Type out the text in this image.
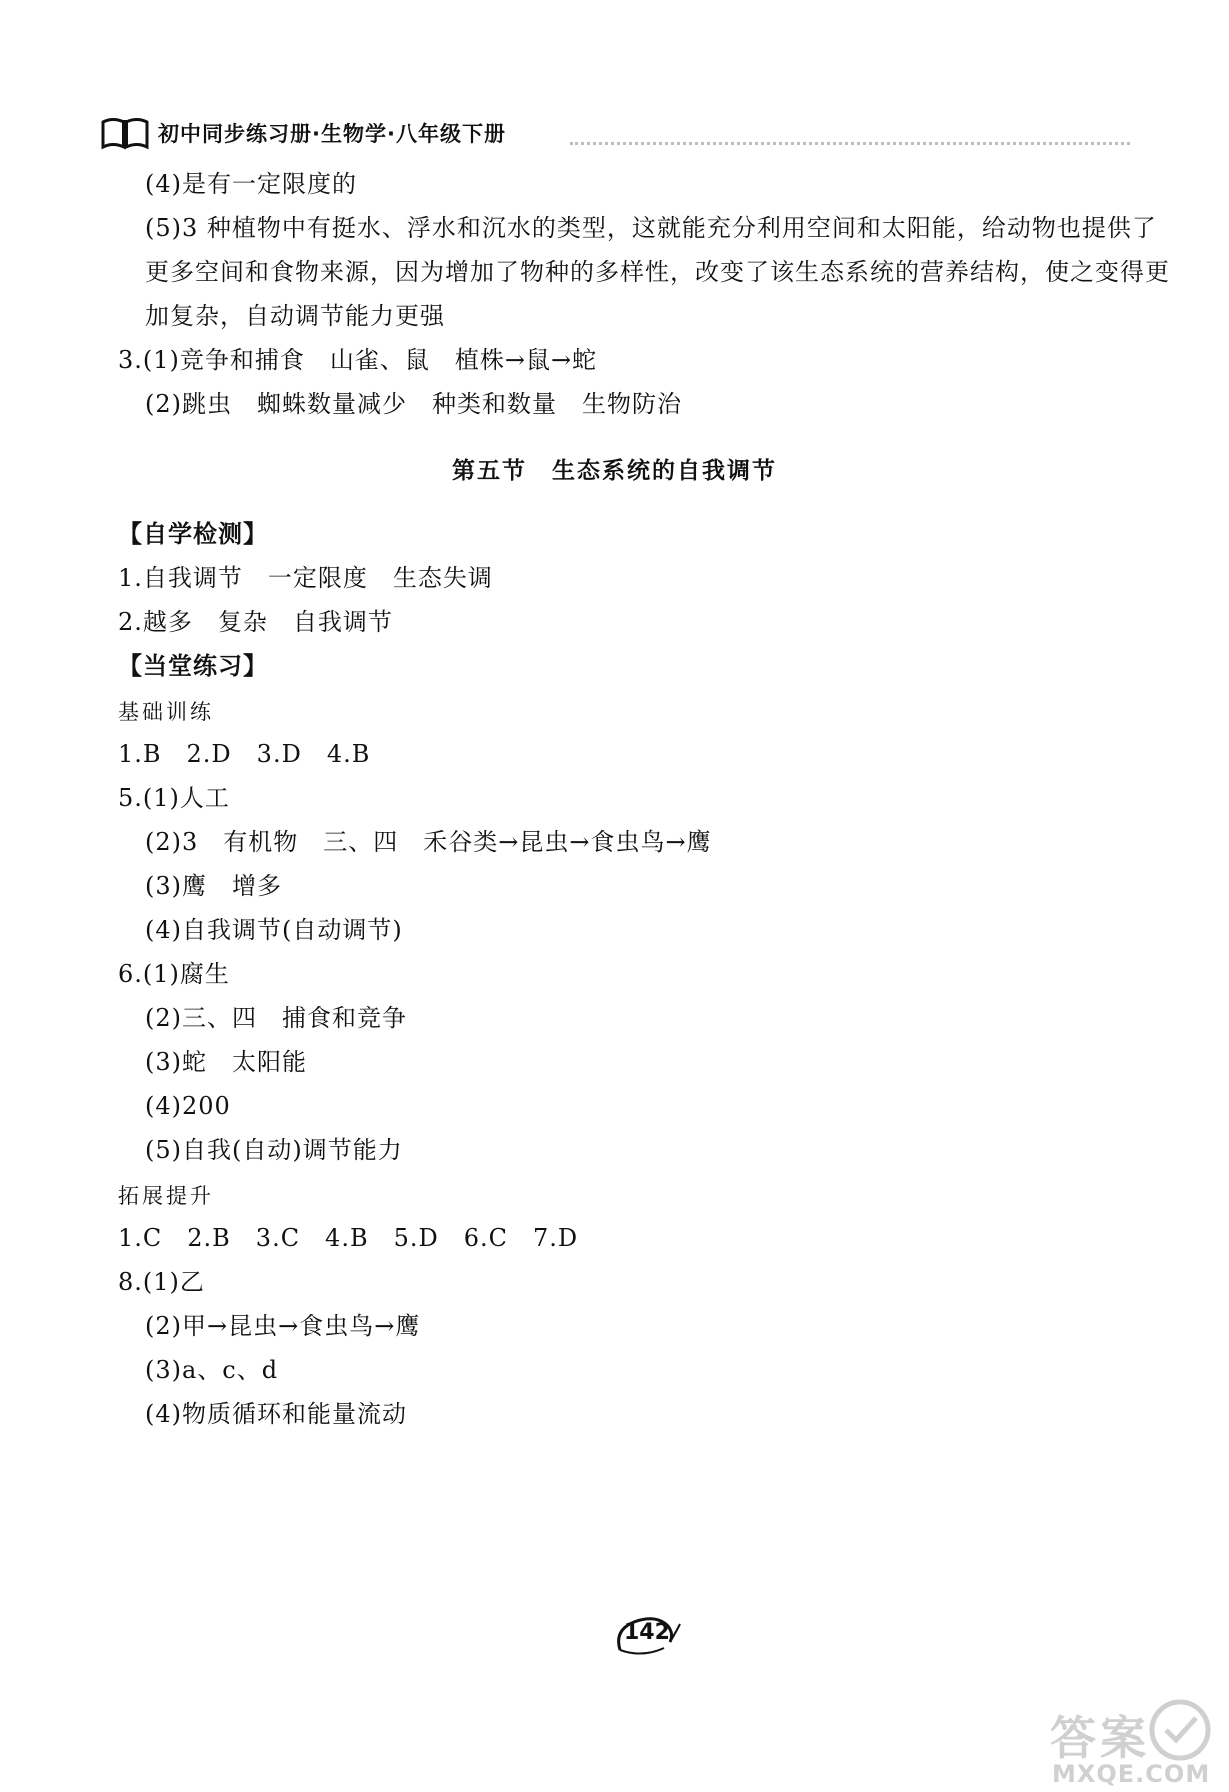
初中同步练习册·生物学·八年级下册
(4)是有一定限度的
(5)3 种植物中有挺水、浮水和沉水的类型，这就能充分利用空间和太阳能，给动物也提供了
更多空间和食物来源，因为增加了物种的多样性，改变了该生态系统的营养结构，使之变得更
加复杂，自动调节能力更强
3.(1)竞争和捕食　山雀、鼠　植株→鼠→蛇
(2)跳虫　蜘蛛数量减少　种类和数量　生物防治
第五节　生态系统的自我调节
【自学检测】
1.自我调节　一定限度　生态失调
2.越多　复杂　自我调节
【当堂练习】
基础训练
1.B　2.D　3.D　4.B
5.(1)人工
(2)3　有机物　三、四　禾谷类→昆虫→食虫鸟→鹰
(3)鹰　增多
(4)自我调节(自动调节)
6.(1)腐生
(2)三、四　捕食和竞争
(3)蛇　太阳能
(4)200
(5)自我(自动)调节能力
拓展提升
1.C　2.B　3.C　4.B　5.D　6.C　7.D
8.(1)乙
(2)甲→昆虫→食虫鸟→鹰
(3)a、c、d
(4)物质循环和能量流动
142
答案
MXQE.COM
